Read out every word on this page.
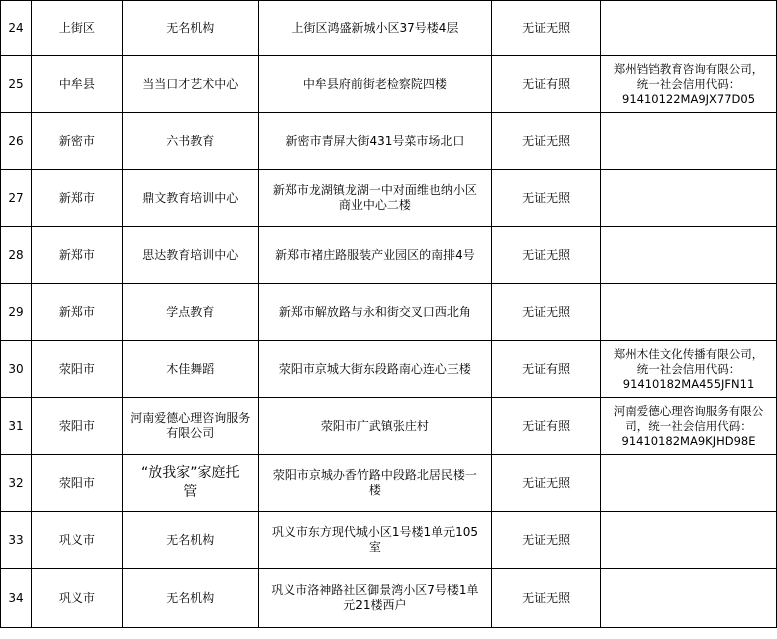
24	上街区	无名机构	上街区鸿盛新城小区37号楼4层	无证无照	
25	中牟县	当当口才艺术中心	中牟县府前街老检察院四楼	无证有照	郑州铛铛教育咨询有限公司，
统一社会信用代码：
91410122MA9JX77D05

26	新密市	六书教育	新密市青屏大街431号菜市场北口	无证无照	
27	新郑市	鼎文教育培训中心	新郑市龙湖镇龙湖一中对面维也纳小区
商业中心二楼	无证无照	
28	新郑市	思达教育培训中心	新郑市褚庄路服装产业园区的南排4号	无证无照	
29	新郑市	学点教育	新郑市解放路与永和街交叉口西北角	无证无照	
30	荥阳市	木佳舞蹈	荥阳市京城大街东段路南心连心三楼	无证有照	郑州木佳文化传播有限公司，
统一社会信用代码：
91410182MA455JFN11

31	荥阳市	河南爱德心理咨询服务
有限公司	荥阳市广武镇张庄村	无证有照	河南爱德心理咨询服务有限公
司，统一社会信用代码：
91410182MA9KJHD98E

32	荥阳市	“放我家”家庭托
管	荥阳市京城办香竹路中段路北居民楼一
楼	无证无照	
33	巩义市	无名机构	巩义市东方现代城小区1号楼1单元105
室	无证无照	
34	巩义市	无名机构	巩义市洛神路社区御景湾小区7号楼1单
元21楼西户	无证无照	
